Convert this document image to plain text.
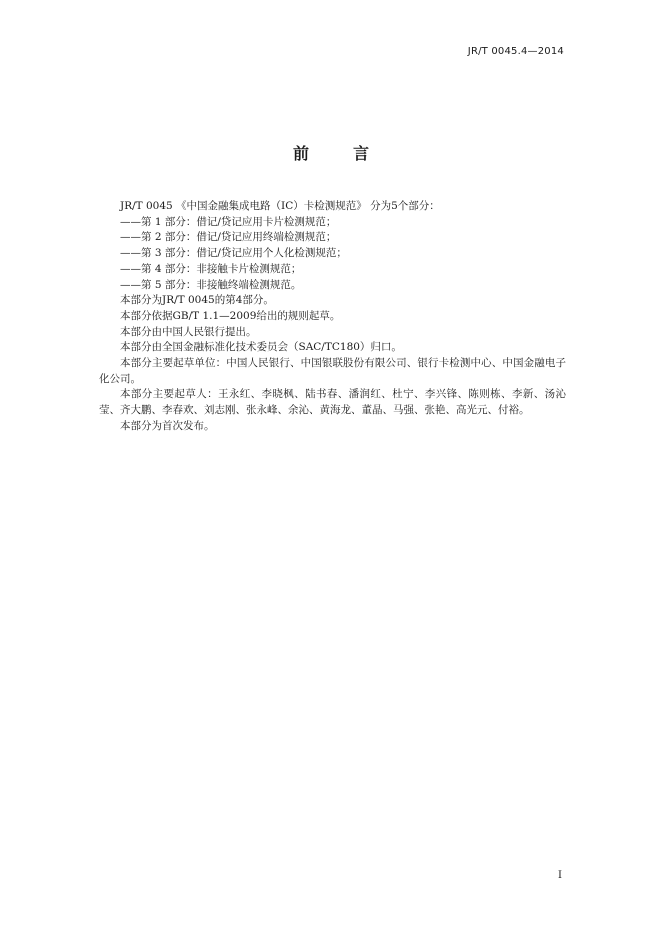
JR/T 0045.4—2014
前　言

JR/T 0045 《中国金融集成电路（IC）卡检测规范》 分为5个部分：

——第 1 部分：借记/贷记应用卡片检测规范；

——第 2 部分：借记/贷记应用终端检测规范；

——第 3 部分：借记/贷记应用个人化检测规范；

——第 4 部分：非接触卡片检测规范；

——第 5 部分：非接触终端检测规范。

本部分为JR/T 0045的第4部分。

本部分依据GB/T 1.1—2009给出的规则起草。

本部分由中国人民银行提出。

本部分由全国金融标准化技术委员会（SAC/TC180）归口。

本部分主要起草单位：中国人民银行、中国银联股份有限公司、银行卡检测中心、中国金融电子化公司。

本部分主要起草人：王永红、李晓枫、陆书春、潘润红、杜宁、李兴锋、陈则栋、李新、汤沁莹、齐大鹏、李春欢、刘志刚、张永峰、余沁、黄海龙、董晶、马强、张艳、高光元、付裕。

本部分为首次发布。

I
